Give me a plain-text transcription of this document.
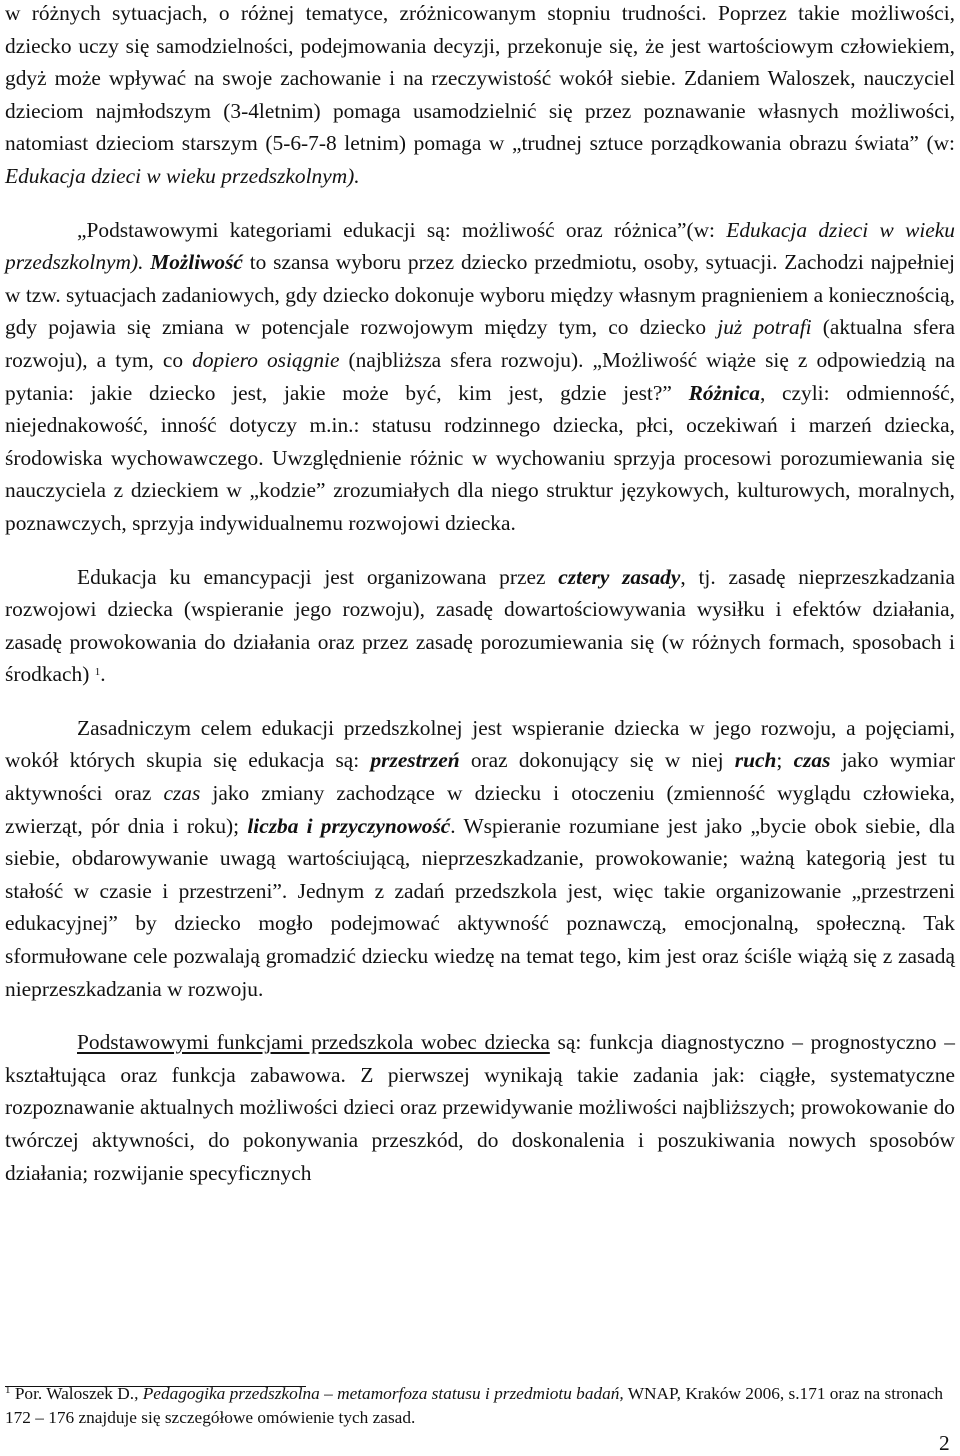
w różnych sytuacjach, o różnej tematyce, zróżnicowanym stopniu trudności. Poprzez takie możliwości, dziecko uczy się samodzielności, podejmowania decyzji, przekonuje się, że jest wartościowym człowiekiem, gdyż może wpływać na swoje zachowanie i na rzeczywistość wokół siebie. Zdaniem Waloszek, nauczyciel dzieciom najmłodszym (3-4letnim) pomaga usamodzielnić się przez poznawanie własnych możliwości, natomiast dzieciom starszym (5-6-7-8 letnim) pomaga w „trudnej sztuce porządkowania obrazu świata” (w: Edukacja dzieci w wieku przedszkolnym).

„Podstawowymi kategoriami edukacji są: możliwość oraz różnica”(w: Edukacja dzieci w wieku przedszkolnym). Możliwość to szansa wyboru przez dziecko przedmiotu, osoby, sytuacji. Zachodzi najpełniej w tzw. sytuacjach zadaniowych, gdy dziecko dokonuje wyboru między własnym pragnieniem a koniecznością, gdy pojawia się zmiana w potencjale rozwojowym między tym, co dziecko już potrafi (aktualna sfera rozwoju), a tym, co dopiero osiągnie (najbliższa sfera rozwoju). „Możliwość wiąże się z odpowiedzią na pytania: jakie dziecko jest, jakie może być, kim jest, gdzie jest?” Różnica, czyli: odmienność, niejednakowość, inność dotyczy m.in.: statusu rodzinnego dziecka, płci, oczekiwań i marzeń dziecka, środowiska wychowawczego. Uwzględnienie różnic w wychowaniu sprzyja procesowi porozumiewania się nauczyciela z dzieckiem w „kodzie” zrozumiałych dla niego struktur językowych, kulturowych, moralnych, poznawczych, sprzyja indywidualnemu rozwojowi dziecka.

Edukacja ku emancypacji jest organizowana przez cztery zasady, tj. zasadę nieprzeszkadzania rozwojowi dziecka (wspieranie jego rozwoju), zasadę dowartościowywania wysiłku i efektów działania, zasadę prowokowania do działania oraz przez zasadę porozumiewania się (w różnych formach, sposobach i środkach) $^1$.

Zasadniczym celem edukacji przedszkolnej jest wspieranie dziecka w jego rozwoju, a pojęciami, wokół których skupia się edukacja są: przestrzeń oraz dokonujący się w niej ruch; czas jako wymiar aktywności oraz czas jako zmiany zachodzące w dziecku i otoczeniu (zmienność wyglądu człowieka, zwierząt, pór dnia i roku); liczba i przyczynowość. Wspieranie rozumiane jest jako „bycie obok siebie, dla siebie, obdarowywanie uwagą wartościującą, nieprzeszkadzanie, prowokowanie; ważną kategorią jest tu stałość w czasie i przestrzeni”. Jednym z zadań przedszkola jest, więc takie organizowanie „przestrzeni edukacyjnej” by dziecko mogło podejmować aktywność poznawczą, emocjonalną, społeczną. Tak sformułowane cele pozwalają gromadzić dziecku wiedzę na temat tego, kim jest oraz ściśle wiążą się z zasadą nieprzeszkadzania w rozwoju.

Podstawowymi funkcjami przedszkola wobec dziecka są: funkcja diagnostyczno – prognostyczno – kształtująca oraz funkcja zabawowa. Z pierwszej wynikają takie zadania jak: ciągłe, systematyczne rozpoznawanie aktualnych możliwości dzieci oraz przewidywanie możliwości najbliższych; prowokowanie do twórczej aktywności, do pokonywania przeszkód, do doskonalenia i poszukiwania nowych sposobów działania; rozwijanie specyficznych

$^1$ Por. Waloszek D., Pedagogika przedszkolna – metamorfoza statusu i przedmiotu badań, WNAP, Kraków 2006, s.171 oraz na stronach 172 – 176 znajduje się szczegółowe omówienie tych zasad.

2
